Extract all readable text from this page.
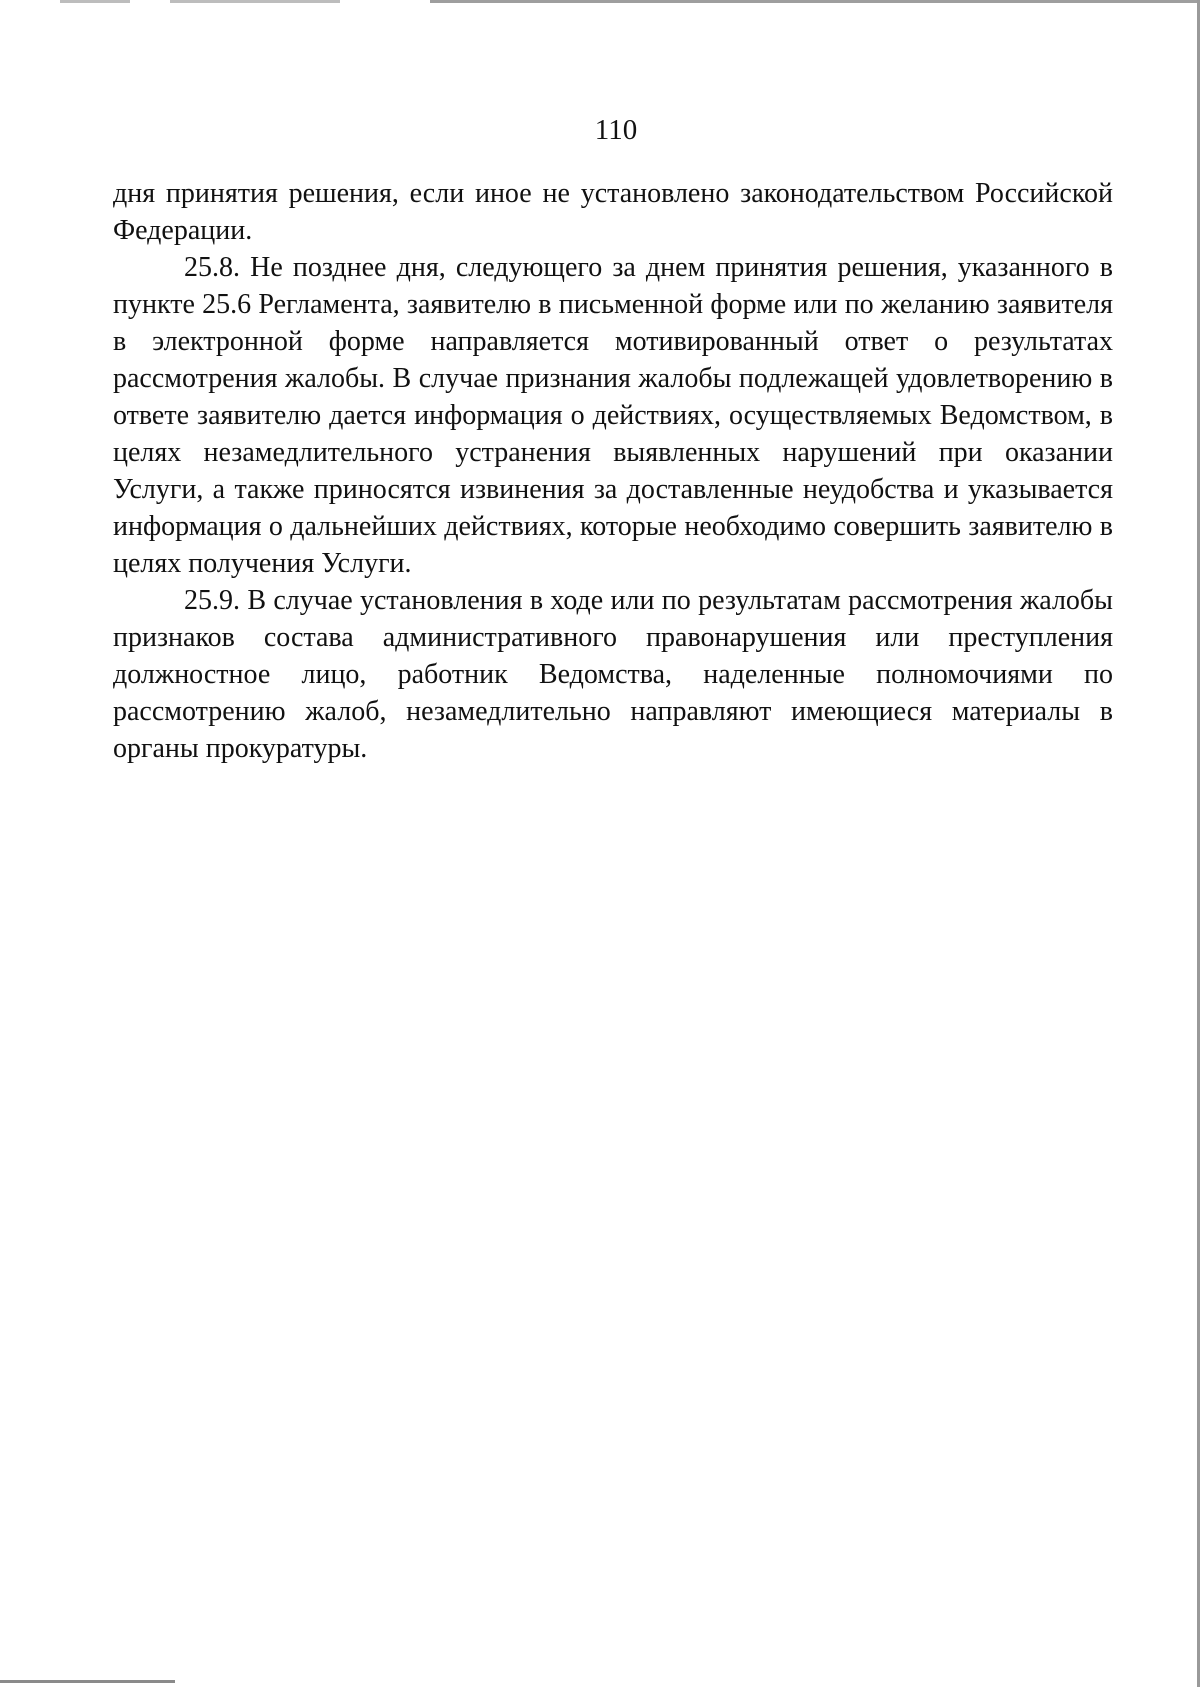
110

дня принятия решения, если иное не установлено законодательством Российской Федерации.

25.8. Не позднее дня, следующего за днем принятия решения, указанного в пункте 25.6 Регламента, заявителю в письменной форме или по желанию заявителя в электронной форме направляется мотивированный ответ о результатах рассмотрения жалобы. В случае признания жалобы подлежащей удовлетворению в ответе заявителю дается информация о действиях, осуществляемых Ведомством, в целях незамедлительного устранения выявленных нарушений при оказании Услуги, а также приносятся извинения за доставленные неудобства и указывается информация о дальнейших действиях, которые необходимо совершить заявителю в целях получения Услуги.

25.9. В случае установления в ходе или по результатам рассмотрения жалобы признаков состава административного правонарушения или преступления должностное лицо, работник Ведомства, наделенные полномочиями по рассмотрению жалоб, незамедлительно направляют имеющиеся материалы в органы прокуратуры.
